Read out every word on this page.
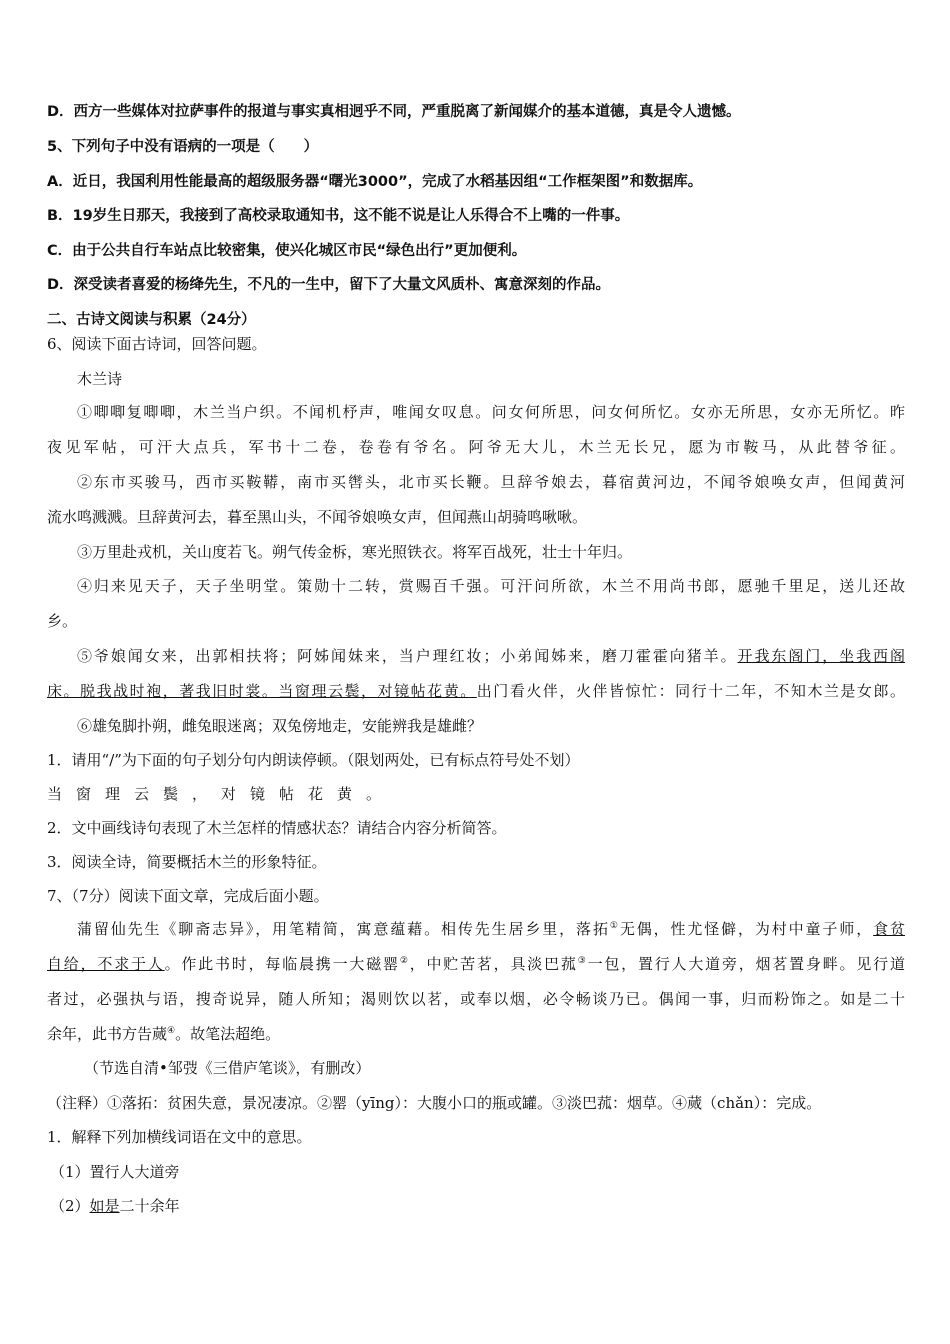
D．西方一些媒体对拉萨事件的报道与事实真相迥乎不同，严重脱离了新闻媒介的基本道德，真是令人遗憾。
5、下列句子中没有语病的一项是（　　）
A．近日，我国利用性能最高的超级服务器“曙光3000”，完成了水稻基因组“工作框架图”和数据库。
B．19岁生日那天，我接到了高校录取通知书，这不能不说是让人乐得合不上嘴的一件事。
C．由于公共自行车站点比较密集，使兴化城区市民“绿色出行”更加便利。
D．深受读者喜爱的杨绛先生，不凡的一生中，留下了大量文风质朴、寓意深刻的作品。
二、古诗文阅读与积累（24分）
6、阅读下面古诗词，回答问题。
木兰诗
①唧唧复唧唧，木兰当户织。不闻机杼声，唯闻女叹息。问女何所思，问女何所忆。女亦无所思，女亦无所忆。昨
夜见军帖，可汗大点兵，军书十二卷，卷卷有爷名。阿爷无大儿，木兰无长兄，愿为市鞍马，从此替爷征。
②东市买骏马，西市买鞍鞯，南市买辔头，北市买长鞭。旦辞爷娘去，暮宿黄河边，不闻爷娘唤女声，但闻黄河
流水鸣溅溅。旦辞黄河去，暮至黑山头，不闻爷娘唤女声，但闻燕山胡骑鸣啾啾。
③万里赴戎机，关山度若飞。朔气传金柝，寒光照铁衣。将军百战死，壮士十年归。
④归来见天子，天子坐明堂。策勋十二转，赏赐百千强。可汗问所欲，木兰不用尚书郎，愿驰千里足，送儿还故
乡。
⑤爷娘闻女来，出郭相扶将；阿姊闻妹来，当户理红妆；小弟闻姊来，磨刀霍霍向猪羊。开我东阁门，坐我西阁
床。脱我战时袍，著我旧时裳。当窗理云鬓，对镜帖花黄。出门看火伴，火伴皆惊忙：同行十二年，不知木兰是女郎。
⑥雄兔脚扑朔，雌兔眼迷离；双兔傍地走，安能辨我是雄雌？
1．请用“/”为下面的句子划分句内朗读停顿。（限划两处，已有标点符号处不划）
当窗理云鬓，对镜帖花黄。
2．文中画线诗句表现了木兰怎样的情感状态？请结合内容分析简答。
3．阅读全诗，简要概括木兰的形象特征。
7、（7分）阅读下面文章，完成后面小题。
蒲留仙先生《聊斋志异》，用笔精简，寓意蕴藉。相传先生居乡里，落拓①无偶，性尤怪僻，为村中童子师，食贫
自给，不求于人。作此书时，每临晨携一大磁罂②，中贮苦茗，具淡巴菰③一包，置行人大道旁，烟茗置身畔。见行道
者过，必强执与语，搜奇说异，随人所知；渴则饮以茗，或奉以烟，必令畅谈乃已。偶闻一事，归而粉饰之。如是二十
余年，此书方告蒇④。故笔法超绝。
（节选自清•邹弢《三借庐笔谈》，有删改）
（注释）①落拓：贫困失意，景况凄凉。②罂（yīng）：大腹小口的瓶或罐。③淡巴菰：烟草。④蒇（chǎn）：完成。
1．解释下列加横线词语在文中的意思。
（1）置行人大道旁
（2）如是二十余年
